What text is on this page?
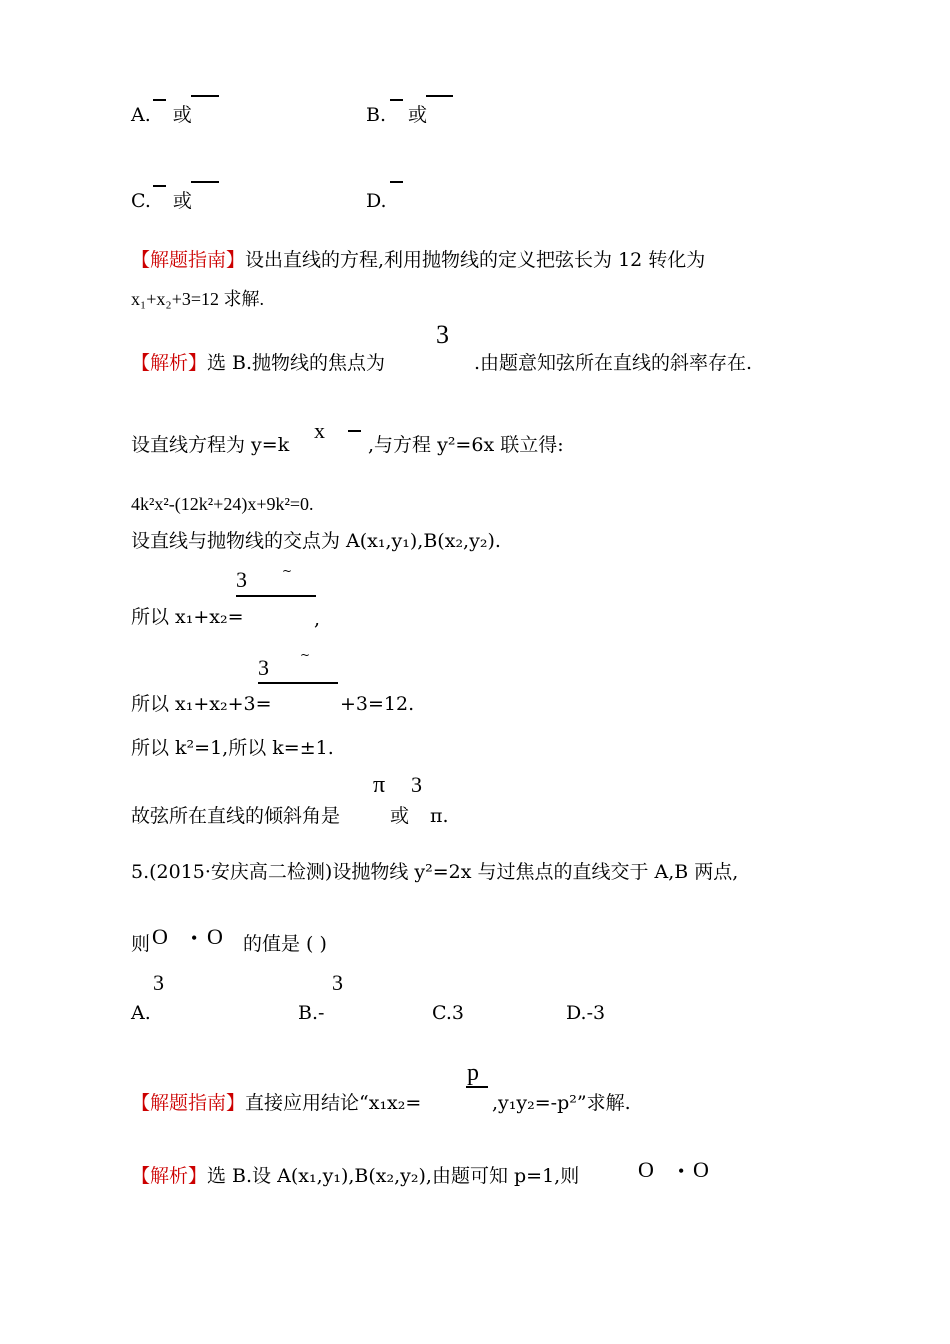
A. 或	B. 或
C. 或	D.
【解题指南】设出直线的方程,利用抛物线的定义把弦长为 12 转化为
x₁+x₂+3=12 求解.
【解析】选 B.抛物线的焦点为
3
.由题意知弦所在直线的斜率存在.
设直线方程为 y=k
x
,与方程 y²=6x 联立得:
4k²x²-(12k²+24)x+9k²=0.
设直线与抛物线的交点为 A(x₁,y₁),B(x₂,y₂).
3	~
所以 x₁+x₂=	,
3	~
所以 x₁+x₂+3=	+3=12.
所以 k²=1,所以 k=±1.
π 3
故弦所在直线的倾斜角是	或 π.
5.(2015·安庆高二检测)设抛物线 y²=2x 与过焦点的直线交于 A,B 两点,
则 O • O 的值是 ( )
3
A.
3
B.-	C.3	D.-3
p
【解题指南】直接应用结论“x₁x₂=	,y₁y₂=-p²”求解.
【解析】选 B.设 A(x₁,y₁),B(x₂,y₂),由题可知 p=1,则	O • O
